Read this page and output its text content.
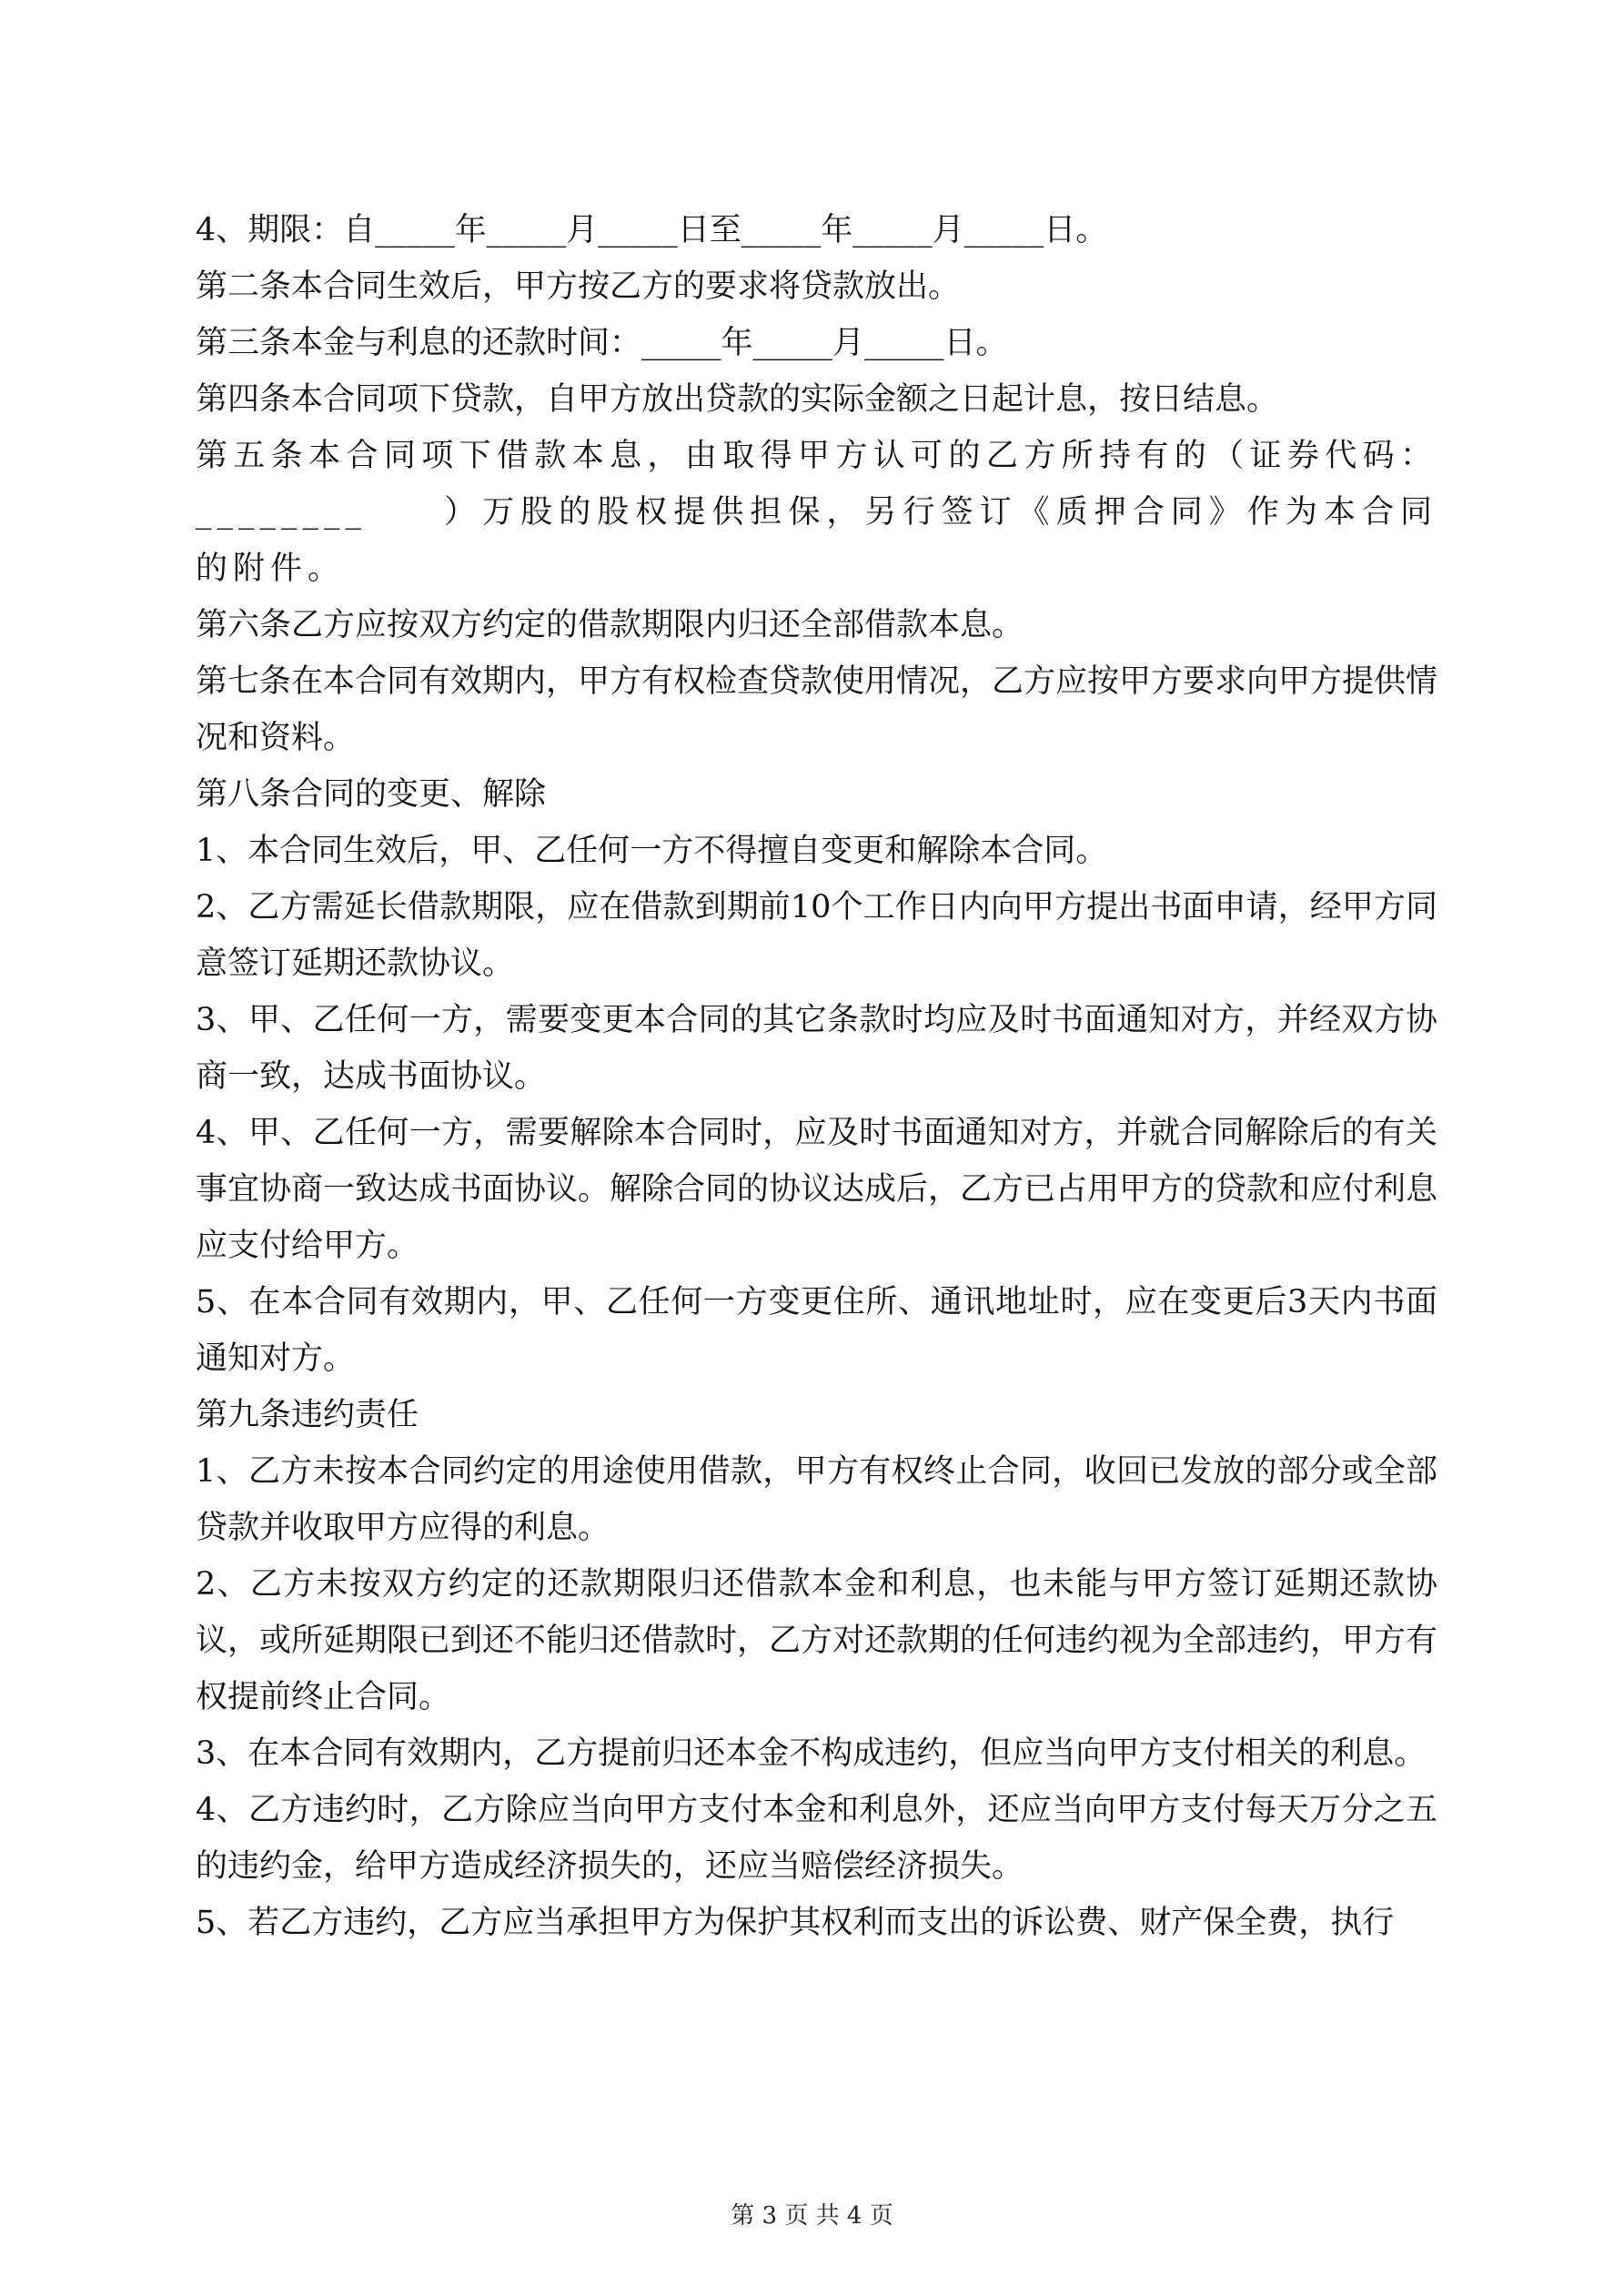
4、期限：自_____年_____月_____日至_____年_____月_____日。

第二条本合同生效后，甲方按乙方的要求将贷款放出。

第三条本金与利息的还款时间：_____年_____月_____日。

第四条本合同项下贷款，自甲方放出贷款的实际金额之日起计息，按日结息。

第五条本合同项下借款本息，由取得甲方认可的乙方所持有的（证券代码：________　　）万股的股权提供担保，另行签订《质押合同》作为本合同的附件。

第六条乙方应按双方约定的借款期限内归还全部借款本息。

第七条在本合同有效期内，甲方有权检查贷款使用情况，乙方应按甲方要求向甲方提供情况和资料。

第八条合同的变更、解除

1、本合同生效后，甲、乙任何一方不得擅自变更和解除本合同。

2、乙方需延长借款期限，应在借款到期前10个工作日内向甲方提出书面申请，经甲方同意签订延期还款协议。

3、甲、乙任何一方，需要变更本合同的其它条款时均应及时书面通知对方，并经双方协商一致，达成书面协议。

4、甲、乙任何一方，需要解除本合同时，应及时书面通知对方，并就合同解除后的有关事宜协商一致达成书面协议。解除合同的协议达成后，乙方已占用甲方的贷款和应付利息应支付给甲方。

5、在本合同有效期内，甲、乙任何一方变更住所、通讯地址时，应在变更后3天内书面通知对方。

第九条违约责任

1、乙方未按本合同约定的用途使用借款，甲方有权终止合同，收回已发放的部分或全部贷款并收取甲方应得的利息。

2、乙方未按双方约定的还款期限归还借款本金和利息，也未能与甲方签订延期还款协议，或所延期限已到还不能归还借款时，乙方对还款期的任何违约视为全部违约，甲方有权提前终止合同。

3、在本合同有效期内，乙方提前归还本金不构成违约，但应当向甲方支付相关的利息。

4、乙方违约时，乙方除应当向甲方支付本金和利息外，还应当向甲方支付每天万分之五的违约金，给甲方造成经济损失的，还应当赔偿经济损失。

5、若乙方违约，乙方应当承担甲方为保护其权利而支出的诉讼费、财产保全费，执行

第 3 页 共 4 页
